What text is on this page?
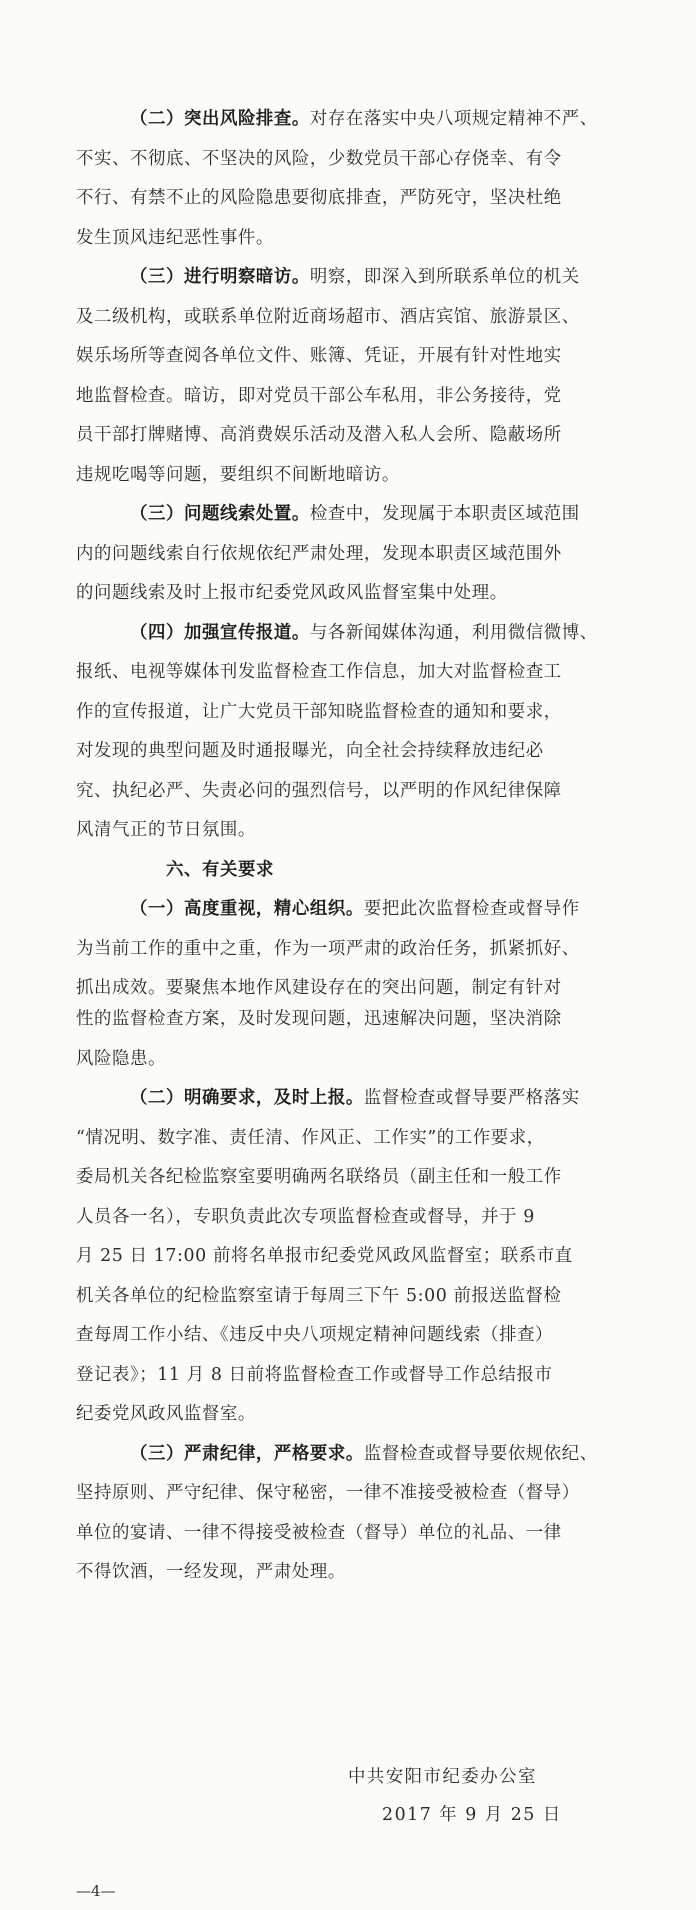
（二）突出风险排查。对存在落实中央八项规定精神不严、
不实、不彻底、不坚决的风险，少数党员干部心存侥幸、有令
不行、有禁不止的风险隐患要彻底排查，严防死守，坚决杜绝
发生顶风违纪恶性事件。
（三）进行明察暗访。明察，即深入到所联系单位的机关
及二级机构，或联系单位附近商场超市、酒店宾馆、旅游景区、
娱乐场所等查阅各单位文件、账簿、凭证，开展有针对性地实
地监督检查。暗访，即对党员干部公车私用，非公务接待，党
员干部打牌赌博、高消费娱乐活动及潜入私人会所、隐蔽场所
违规吃喝等问题，要组织不间断地暗访。
（三）问题线索处置。检查中，发现属于本职责区域范围
内的问题线索自行依规依纪严肃处理，发现本职责区域范围外
的问题线索及时上报市纪委党风政风监督室集中处理。
（四）加强宣传报道。与各新闻媒体沟通，利用微信微博、
报纸、电视等媒体刊发监督检查工作信息，加大对监督检查工
作的宣传报道，让广大党员干部知晓监督检查的通知和要求，
对发现的典型问题及时通报曝光，向全社会持续释放违纪必
究、执纪必严、失责必问的强烈信号，以严明的作风纪律保障
风清气正的节日氛围。
六、有关要求
（一）高度重视，精心组织。要把此次监督检查或督导作
为当前工作的重中之重，作为一项严肃的政治任务，抓紧抓好、
抓出成效。要聚焦本地作风建设存在的突出问题，制定有针对
性的监督检查方案，及时发现问题，迅速解决问题，坚决消除
风险隐患。
（二）明确要求，及时上报。监督检查或督导要严格落实
“情况明、数字准、责任清、作风正、工作实”的工作要求，
委局机关各纪检监察室要明确两名联络员（副主任和一般工作
人员各一名），专职负责此次专项监督检查或督导，并于 9
月 25 日 17:00 前将名单报市纪委党风政风监督室；联系市直
机关各单位的纪检监察室请于每周三下午 5:00 前报送监督检
查每周工作小结、《违反中央八项规定精神问题线索（排查）
登记表》；11 月 8 日前将监督检查工作或督导工作总结报市
纪委党风政风监督室。
（三）严肃纪律，严格要求。监督检查或督导要依规依纪、
坚持原则、严守纪律、保守秘密，一律不准接受被检查（督导）
单位的宴请、一律不得接受被检查（督导）单位的礼品、一律
不得饮酒，一经发现，严肃处理。
中共安阳市纪委办公室
2017 年 9 月 25 日
—4—
